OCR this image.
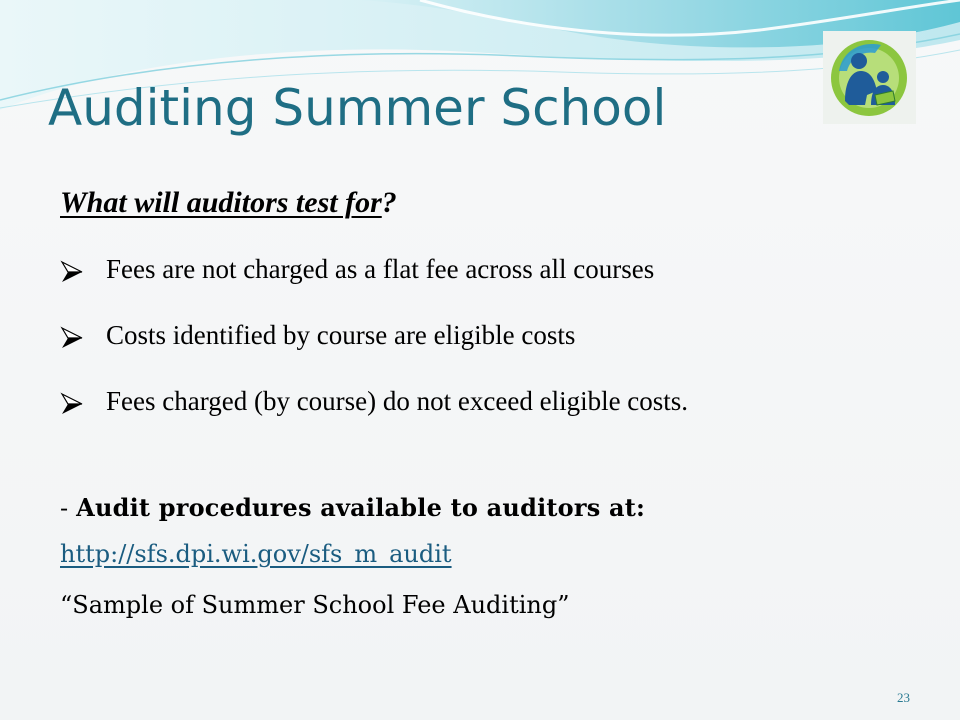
Auditing Summer School
What will auditors test for?
Fees are not charged as a flat fee across all courses
Costs identified by course are eligible costs
Fees charged (by course) do not exceed eligible costs.
- Audit procedures available to auditors at:
http://sfs.dpi.wi.gov/sfs_m_audit
“Sample of Summer School Fee Auditing”
23
